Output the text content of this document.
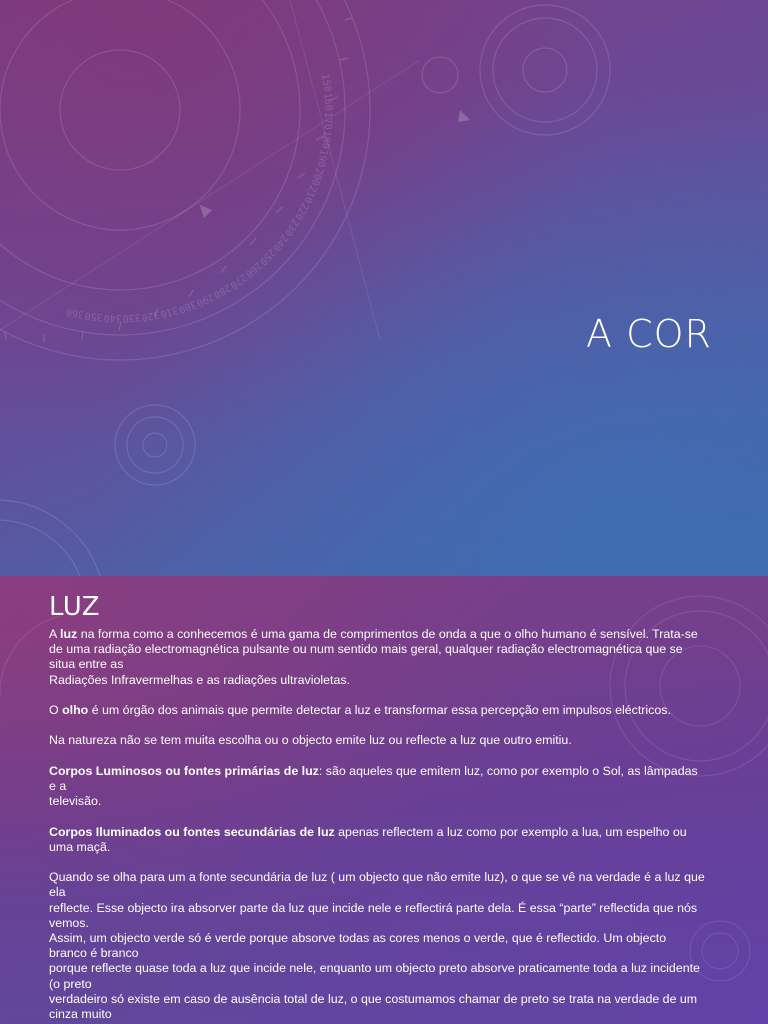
150
160
170
180
190
200
210
220
230
240
250
260
270
280
290
300
310
320
330
340
350
360	A COR
LUZ

A luz na forma como a conhecemos é uma gama de comprimentos de onda a que o olho humano é sensível. Trata-se
de uma radiação electromagnética pulsante ou num sentido mais geral, qualquer radiação electromagnética que se
situa entre as
Radiações Infravermelhas e as radiações ultravioletas.

O olho é um órgão dos animais que permite detectar a luz e transformar essa percepção em impulsos eléctricos.

Na natureza não se tem muita escolha ou o objecto emite luz ou reflecte a luz que outro emitiu.

Corpos Luminosos ou fontes primárias de luz: são aqueles que emitem luz, como por exemplo o Sol, as lâmpadas
e a
televisão.

Corpos Iluminados ou fontes secundárias de luz apenas reflectem a luz como por exemplo a lua, um espelho ou
uma maçã.

Quando se olha para um a fonte secundária de luz ( um objecto que não emite luz), o que se vê na verdade é a luz que
ela
reflecte. Esse objecto ira absorver parte da luz que incide nele e reflectirá parte dela. É essa “parte” reflectida que nós
vemos.
Assim, um objecto verde só é verde porque absorve todas as cores menos o verde, que é reflectido. Um objecto
branco é branco
porque reflecte quase toda a luz que incide nele, enquanto um objecto preto absorve praticamente toda a luz incidente
(o preto
verdadeiro só existe em caso de ausência total de luz, o que costumamos chamar de preto se trata na verdade de um
cinza muito
